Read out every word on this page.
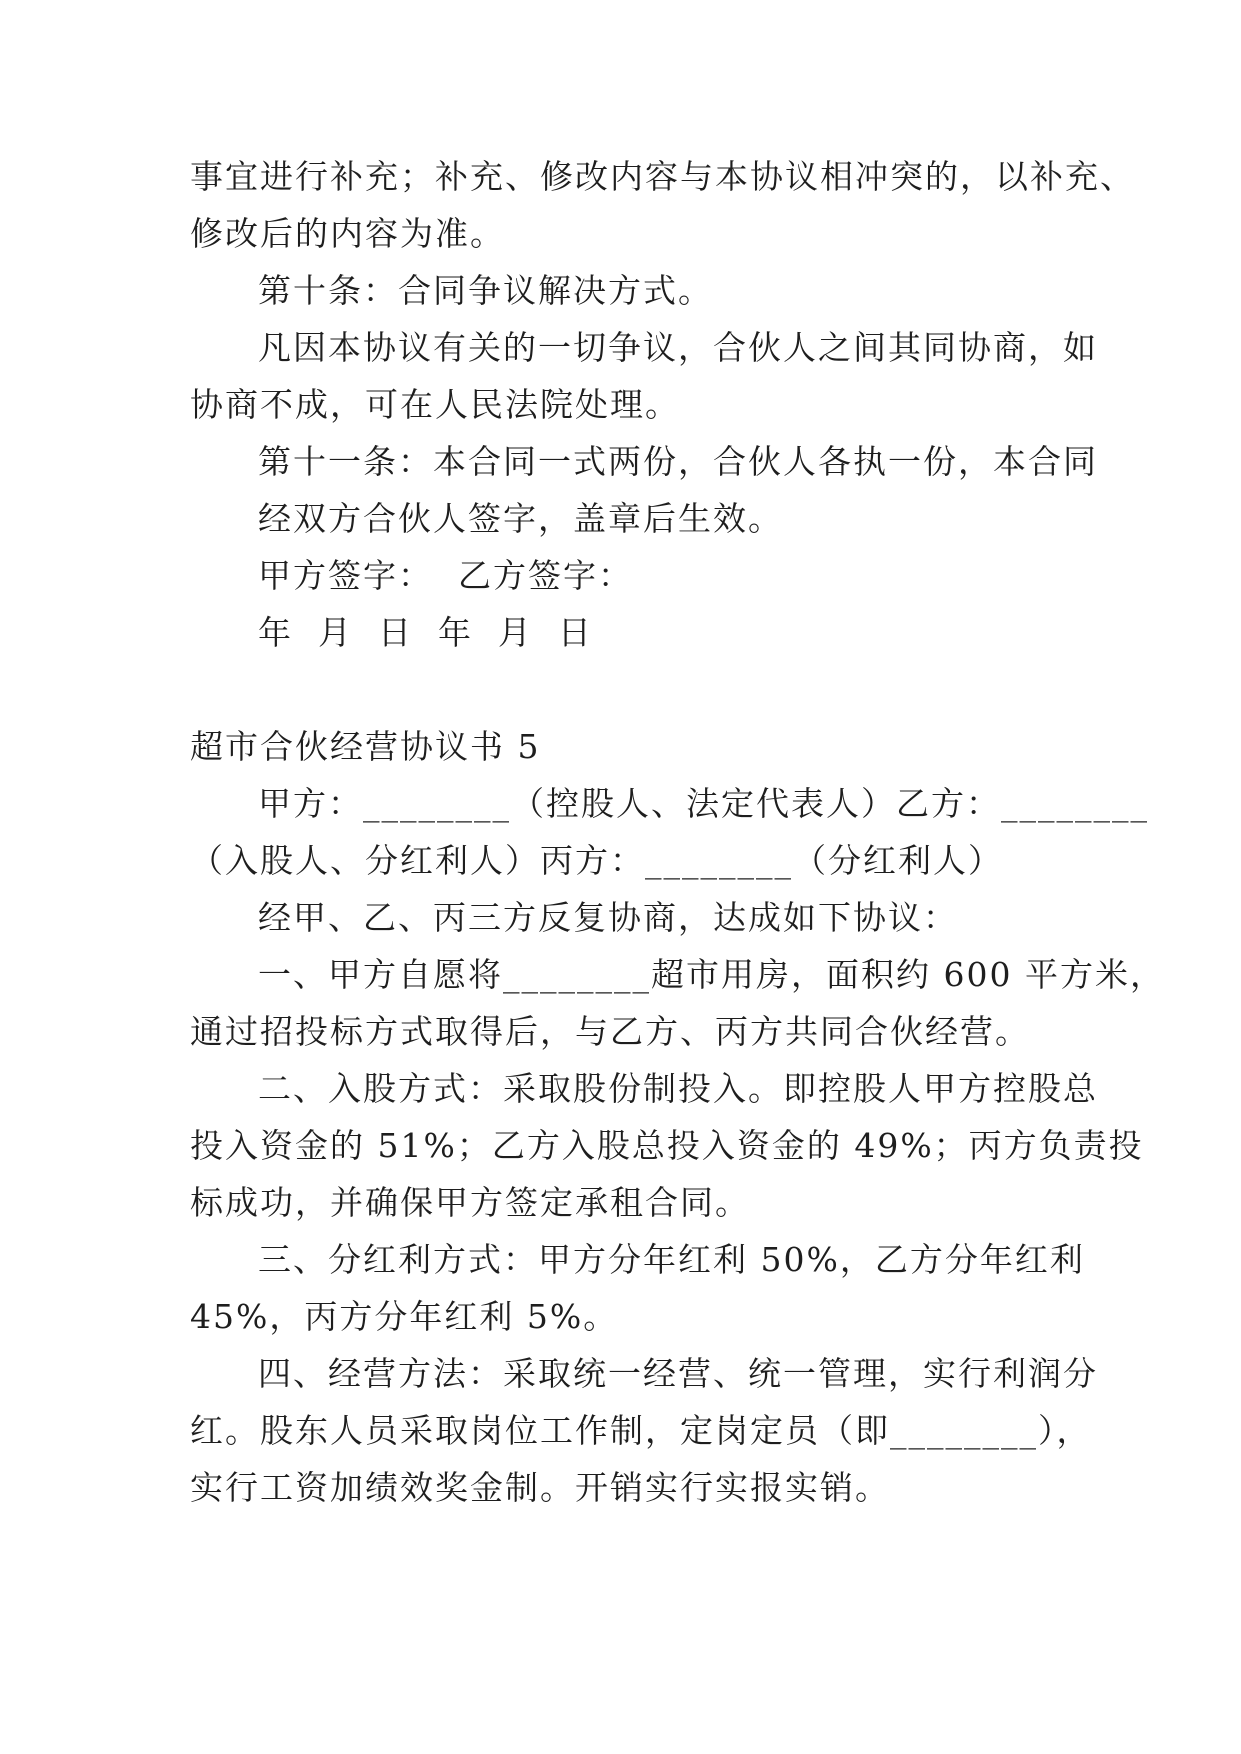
事宜进行补充；补充、修改内容与本协议相冲突的，以补充、
修改后的内容为准。
第十条：合同争议解决方式。
凡因本协议有关的一切争议，合伙人之间其同协商，如
协商不成，可在人民法院处理。
第十一条：本合同一式两份，合伙人各执一份，本合同
经双方合伙人签字，盖章后生效。
甲方签字：  乙方签字：
年  月  日  年  月  日
超市合伙经营协议书 5
甲方：________（控股人、法定代表人）乙方：________
（入股人、分红利人）丙方：________（分红利人）
经甲、乙、丙三方反复协商，达成如下协议：
一、甲方自愿将________超市用房，面积约 600 平方米，
通过招投标方式取得后，与乙方、丙方共同合伙经营。
二、入股方式：采取股份制投入。即控股人甲方控股总
投入资金的 51%；乙方入股总投入资金的 49%；丙方负责投
标成功，并确保甲方签定承租合同。
三、分红利方式：甲方分年红利 50%，乙方分年红利
45%，丙方分年红利 5%。
四、经营方法：采取统一经营、统一管理，实行利润分
红。股东人员采取岗位工作制，定岗定员（即________），
实行工资加绩效奖金制。开销实行实报实销。
